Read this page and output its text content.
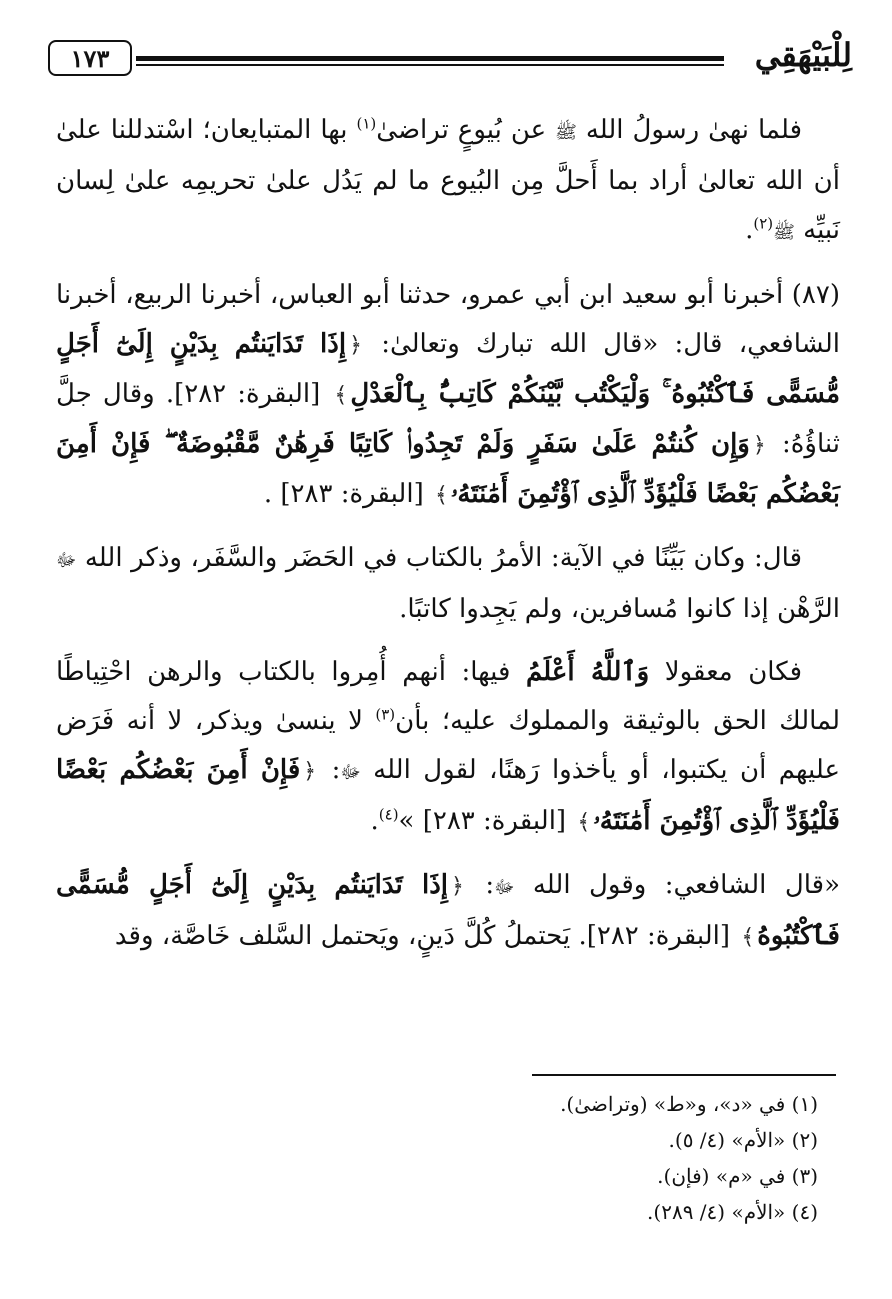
١٧٣	لِلْبَيْهَقِي

فلما نهىٰ رسولُ الله ﷺ عن بُيوعٍ تراضىٰ$^{(١)}$ بها المتبايعان؛ اسْتدللنا علىٰ أن الله تعالىٰ أراد بما أَحلَّ مِن البُيوع ما لم يَدُل علىٰ تحريمِه علىٰ لِسان نَبيِّه ﷺ$^{(٢)}$.

(٨٧) أخبرنا أبو سعيد ابن أبي عمرو، حدثنا أبو العباس، أخبرنا الربيع، أخبرنا الشافعي، قال: «قال الله تبارك وتعالىٰ: ﴿إِذَا تَدَايَنتُم بِدَيْنٍ إِلَىٰٓ أَجَلٍ مُّسَمًّى فَٱكْتُبُوهُ ۚ وَلْيَكْتُب بَّيْنَكُمْ كَاتِبٌۢ بِٱلْعَدْلِ﴾ [البقرة: ٢٨٢]. وقال جلَّ ثناؤُهُ: ﴿وَإِن كُنتُمْ عَلَىٰ سَفَرٍ وَلَمْ تَجِدُوا۟ كَاتِبًا فَرِهَٰنٌ مَّقْبُوضَةٌ ۖ فَإِنْ أَمِنَ بَعْضُكُم بَعْضًا فَلْيُؤَدِّ ٱلَّذِى ٱؤْتُمِنَ أَمَٰنَتَهُۥ﴾ [البقرة: ٢٨٣] .

قال: وكان بَيِّنًا في الآية: الأمرُ بالكتاب في الحَضَر والسَّفَر، وذكر الله ﷻ الرَّهْن إذا كانوا مُسافرين، ولم يَجِدوا كاتبًا.

فكان معقولا وَٱللَّهُ أَعْلَمُ فيها: أنهم أُمِروا بالكتاب والرهن احْتِياطًا لمالك الحق بالوثيقة والمملوك عليه؛ بأن$^{(٣)}$ لا ينسىٰ ويذكر، لا أنه فَرَض عليهم أن يكتبوا، أو يأخذوا رَهنًا، لقول الله ﷻ: ﴿فَإِنْ أَمِنَ بَعْضُكُم بَعْضًا فَلْيُؤَدِّ ٱلَّذِى ٱؤْتُمِنَ أَمَٰنَتَهُۥ﴾ [البقرة: ٢٨٣] »$^{(٤)}$.

«قال الشافعي: وقول الله ﷻ: ﴿إِذَا تَدَايَنتُم بِدَيْنٍ إِلَىٰٓ أَجَلٍ مُّسَمًّى فَٱكْتُبُوهُ﴾ [البقرة: ٢٨٢]. يَحتملُ كُلَّ دَينٍ، ويَحتمل السَّلف خَاصَّة، وقد

(١) في «د»، و«ط» (وتراضىٰ).
(٢) «الأم» (٤/ ٥).
(٣) في «م» (فإن).
(٤) «الأم» (٤/ ٢٨٩).
